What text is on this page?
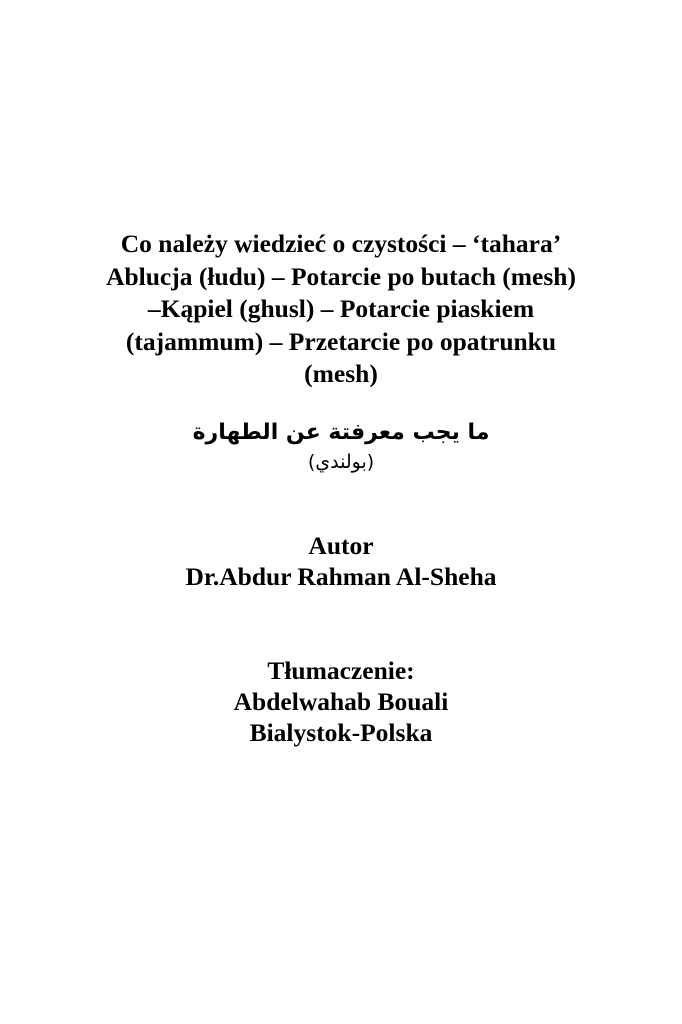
Co należy wiedzieć o czystości – ‘tahara’
Ablucja (łudu) – Potarcie po butach (mesh)
–Kąpiel (ghusl) – Potarcie piaskiem
(tajammum) – Przetarcie po opatrunku
(mesh)
ما يجب معرفتة عن الطهارة
(بولندي)
Autor
Dr.Abdur Rahman Al-Sheha
Tłumaczenie:
Abdelwahab Bouali
Bialystok-Polska
